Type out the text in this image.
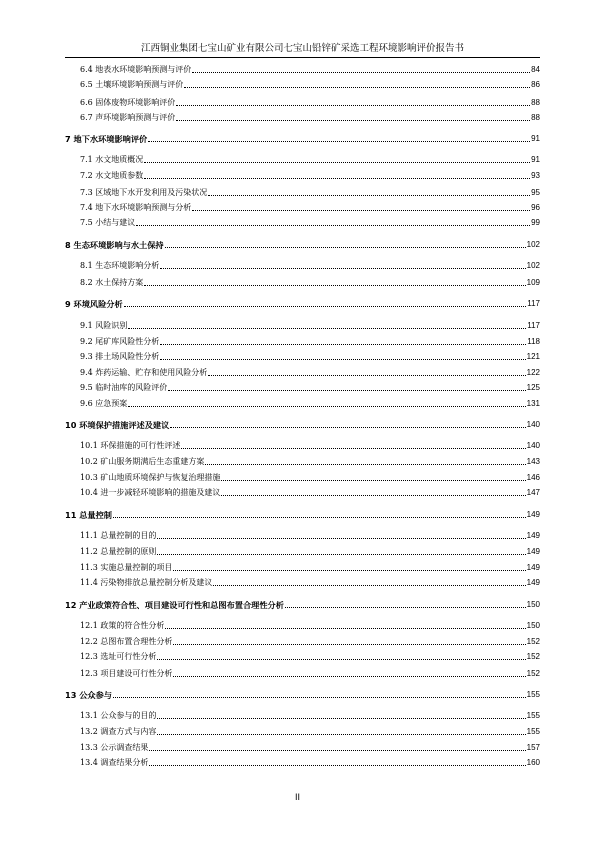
江西铜业集团七宝山矿业有限公司七宝山铅锌矿采选工程环境影响评价报告书
6.4 地表水环境影响预测与评价	84
6.5 土壤环境影响预测与评价	86
6.6 固体废物环境影响评价	88
6.7 声环境影响预测与评价	88
7 地下水环境影响评价	91
7.1 水文地质概况	91
7.2 水文地质参数	93
7.3 区域地下水开发利用及污染状况	95
7.4 地下水环境影响预测与分析	96
7.5 小结与建议	99
8 生态环境影响与水土保持	102
8.1 生态环境影响分析	102
8.2 水土保持方案	109
9 环境风险分析	117
9.1 风险识别	117
9.2 尾矿库风险性分析	118
9.3 排土场风险性分析	121
9.4 炸药运输、贮存和使用风险分析	122
9.5 临时油库的风险评价	125
9.6 应急预案	131
10 环境保护措施评述及建议	140
10.1 环保措施的可行性评述	140
10.2 矿山服务期满后生态重建方案	143
10.3 矿山地质环境保护与恢复治理措施	146
10.4 进一步减轻环境影响的措施及建议	147
11 总量控制	149
11.1 总量控制的目的	149
11.2 总量控制的原则	149
11.3 实施总量控制的项目	149
11.4 污染物排放总量控制分析及建议	149
12 产业政策符合性、项目建设可行性和总图布置合理性分析	150
12.1 政策的符合性分析	150
12.2 总图布置合理性分析	152
12.3 选址可行性分析	152
12.3 项目建设可行性分析	152
13 公众参与	155
13.1 公众参与的目的	155
13.2 调查方式与内容	155
13.3 公示调查结果	157
13.4 调查结果分析	160
II
